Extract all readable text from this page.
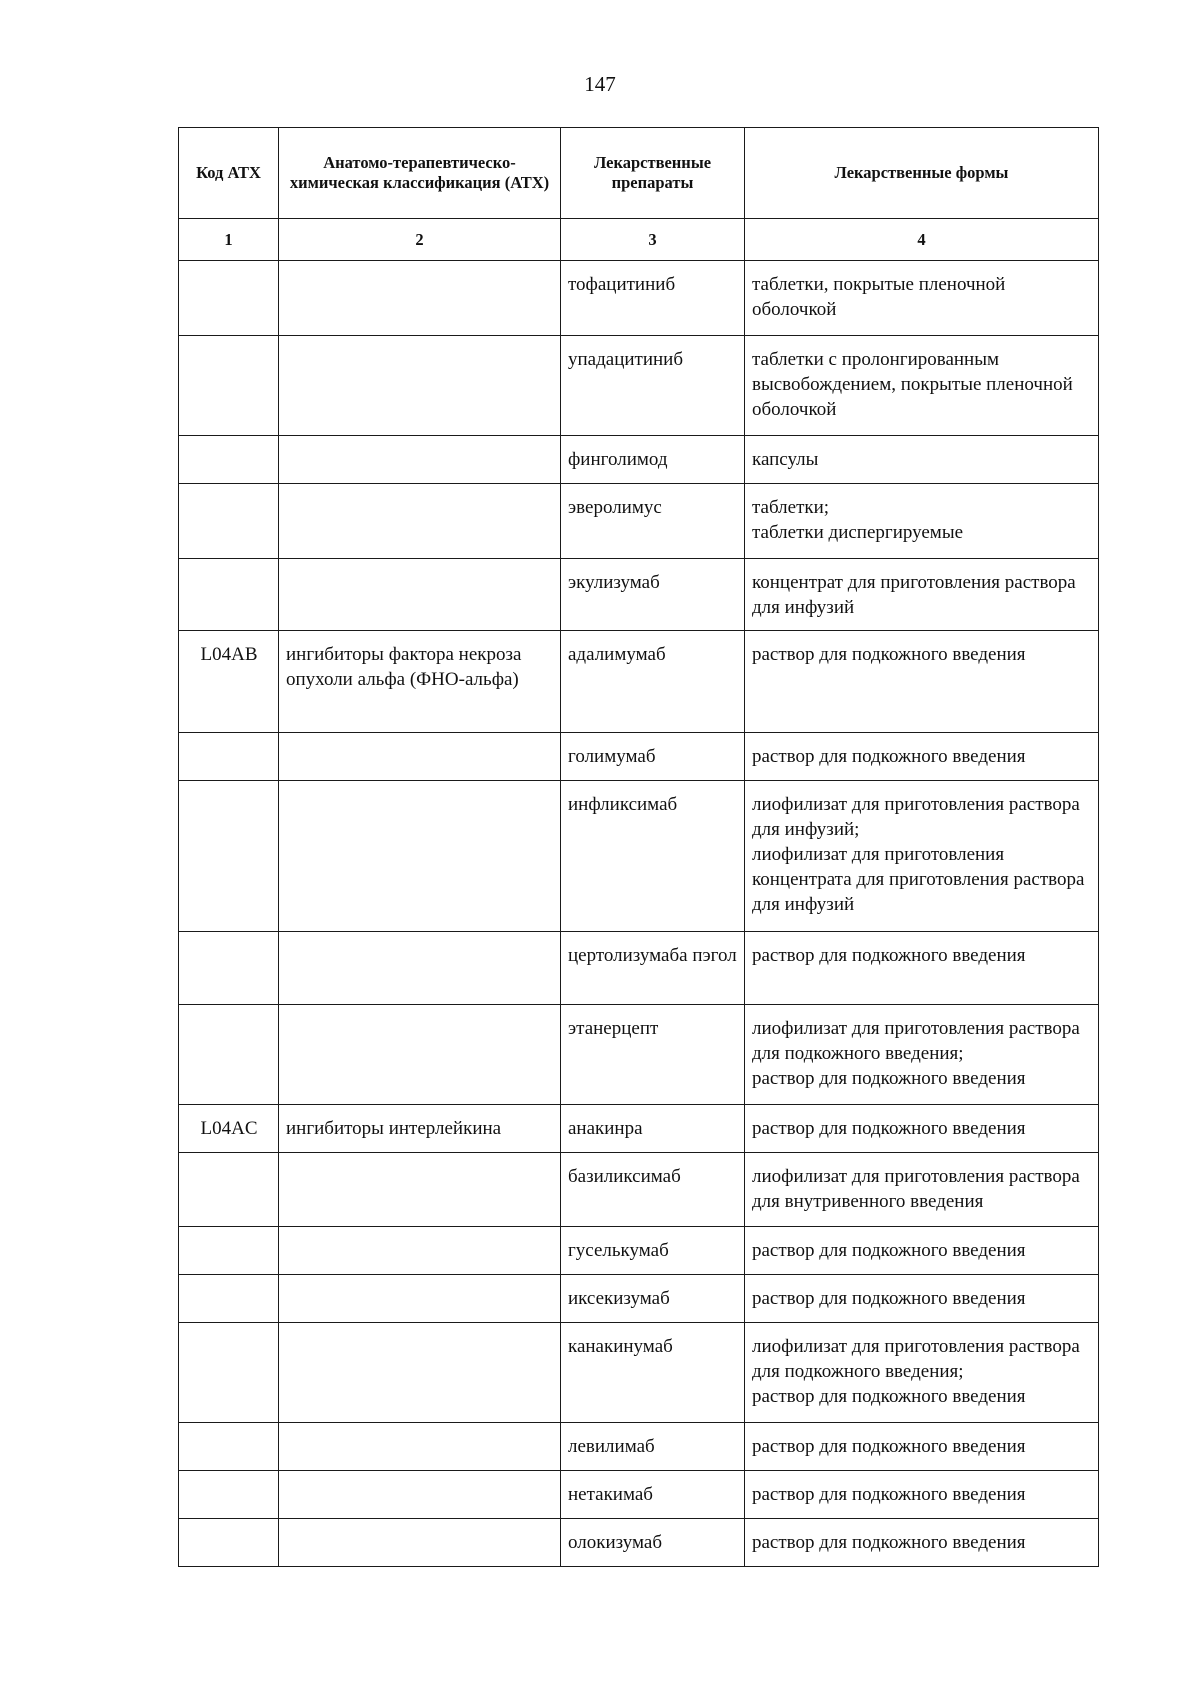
147
Код АТХ	Анатомо-терапевтическо-химическая классификация (АТХ)	Лекарственные препараты	Лекарственные формы
1	2	3	4
		тофацитиниб	таблетки, покрытые пленочной оболочкой
		упадацитиниб	таблетки с пролонгированным высвобождением, покрытые пленочной оболочкой
		финголимод	капсулы
		эверолимус	таблетки;
таблетки диспергируемые
		экулизумаб	концентрат для приготовления раствора для инфузий
L04AB	ингибиторы фактора некроза опухоли альфа (ФНО-альфа)	адалимумаб	раствор для подкожного введения
		голимумаб	раствор для подкожного введения
		инфликсимаб	лиофилизат для приготовления раствора для инфузий;
лиофилизат для приготовления концентрата для приготовления раствора для инфузий
		цертолизумаба пэгол	раствор для подкожного введения
		этанерцепт	лиофилизат для приготовления раствора для подкожного введения;
раствор для подкожного введения
L04AC	ингибиторы интерлейкина	анакинра	раствор для подкожного введения
		базиликсимаб	лиофилизат для приготовления раствора для внутривенного введения
		гуселькумаб	раствор для подкожного введения
		иксекизумаб	раствор для подкожного введения
		канакинумаб	лиофилизат для приготовления раствора для подкожного введения;
раствор для подкожного введения
		левилимаб	раствор для подкожного введения
		нетакимаб	раствор для подкожного введения
		олокизумаб	раствор для подкожного введения
